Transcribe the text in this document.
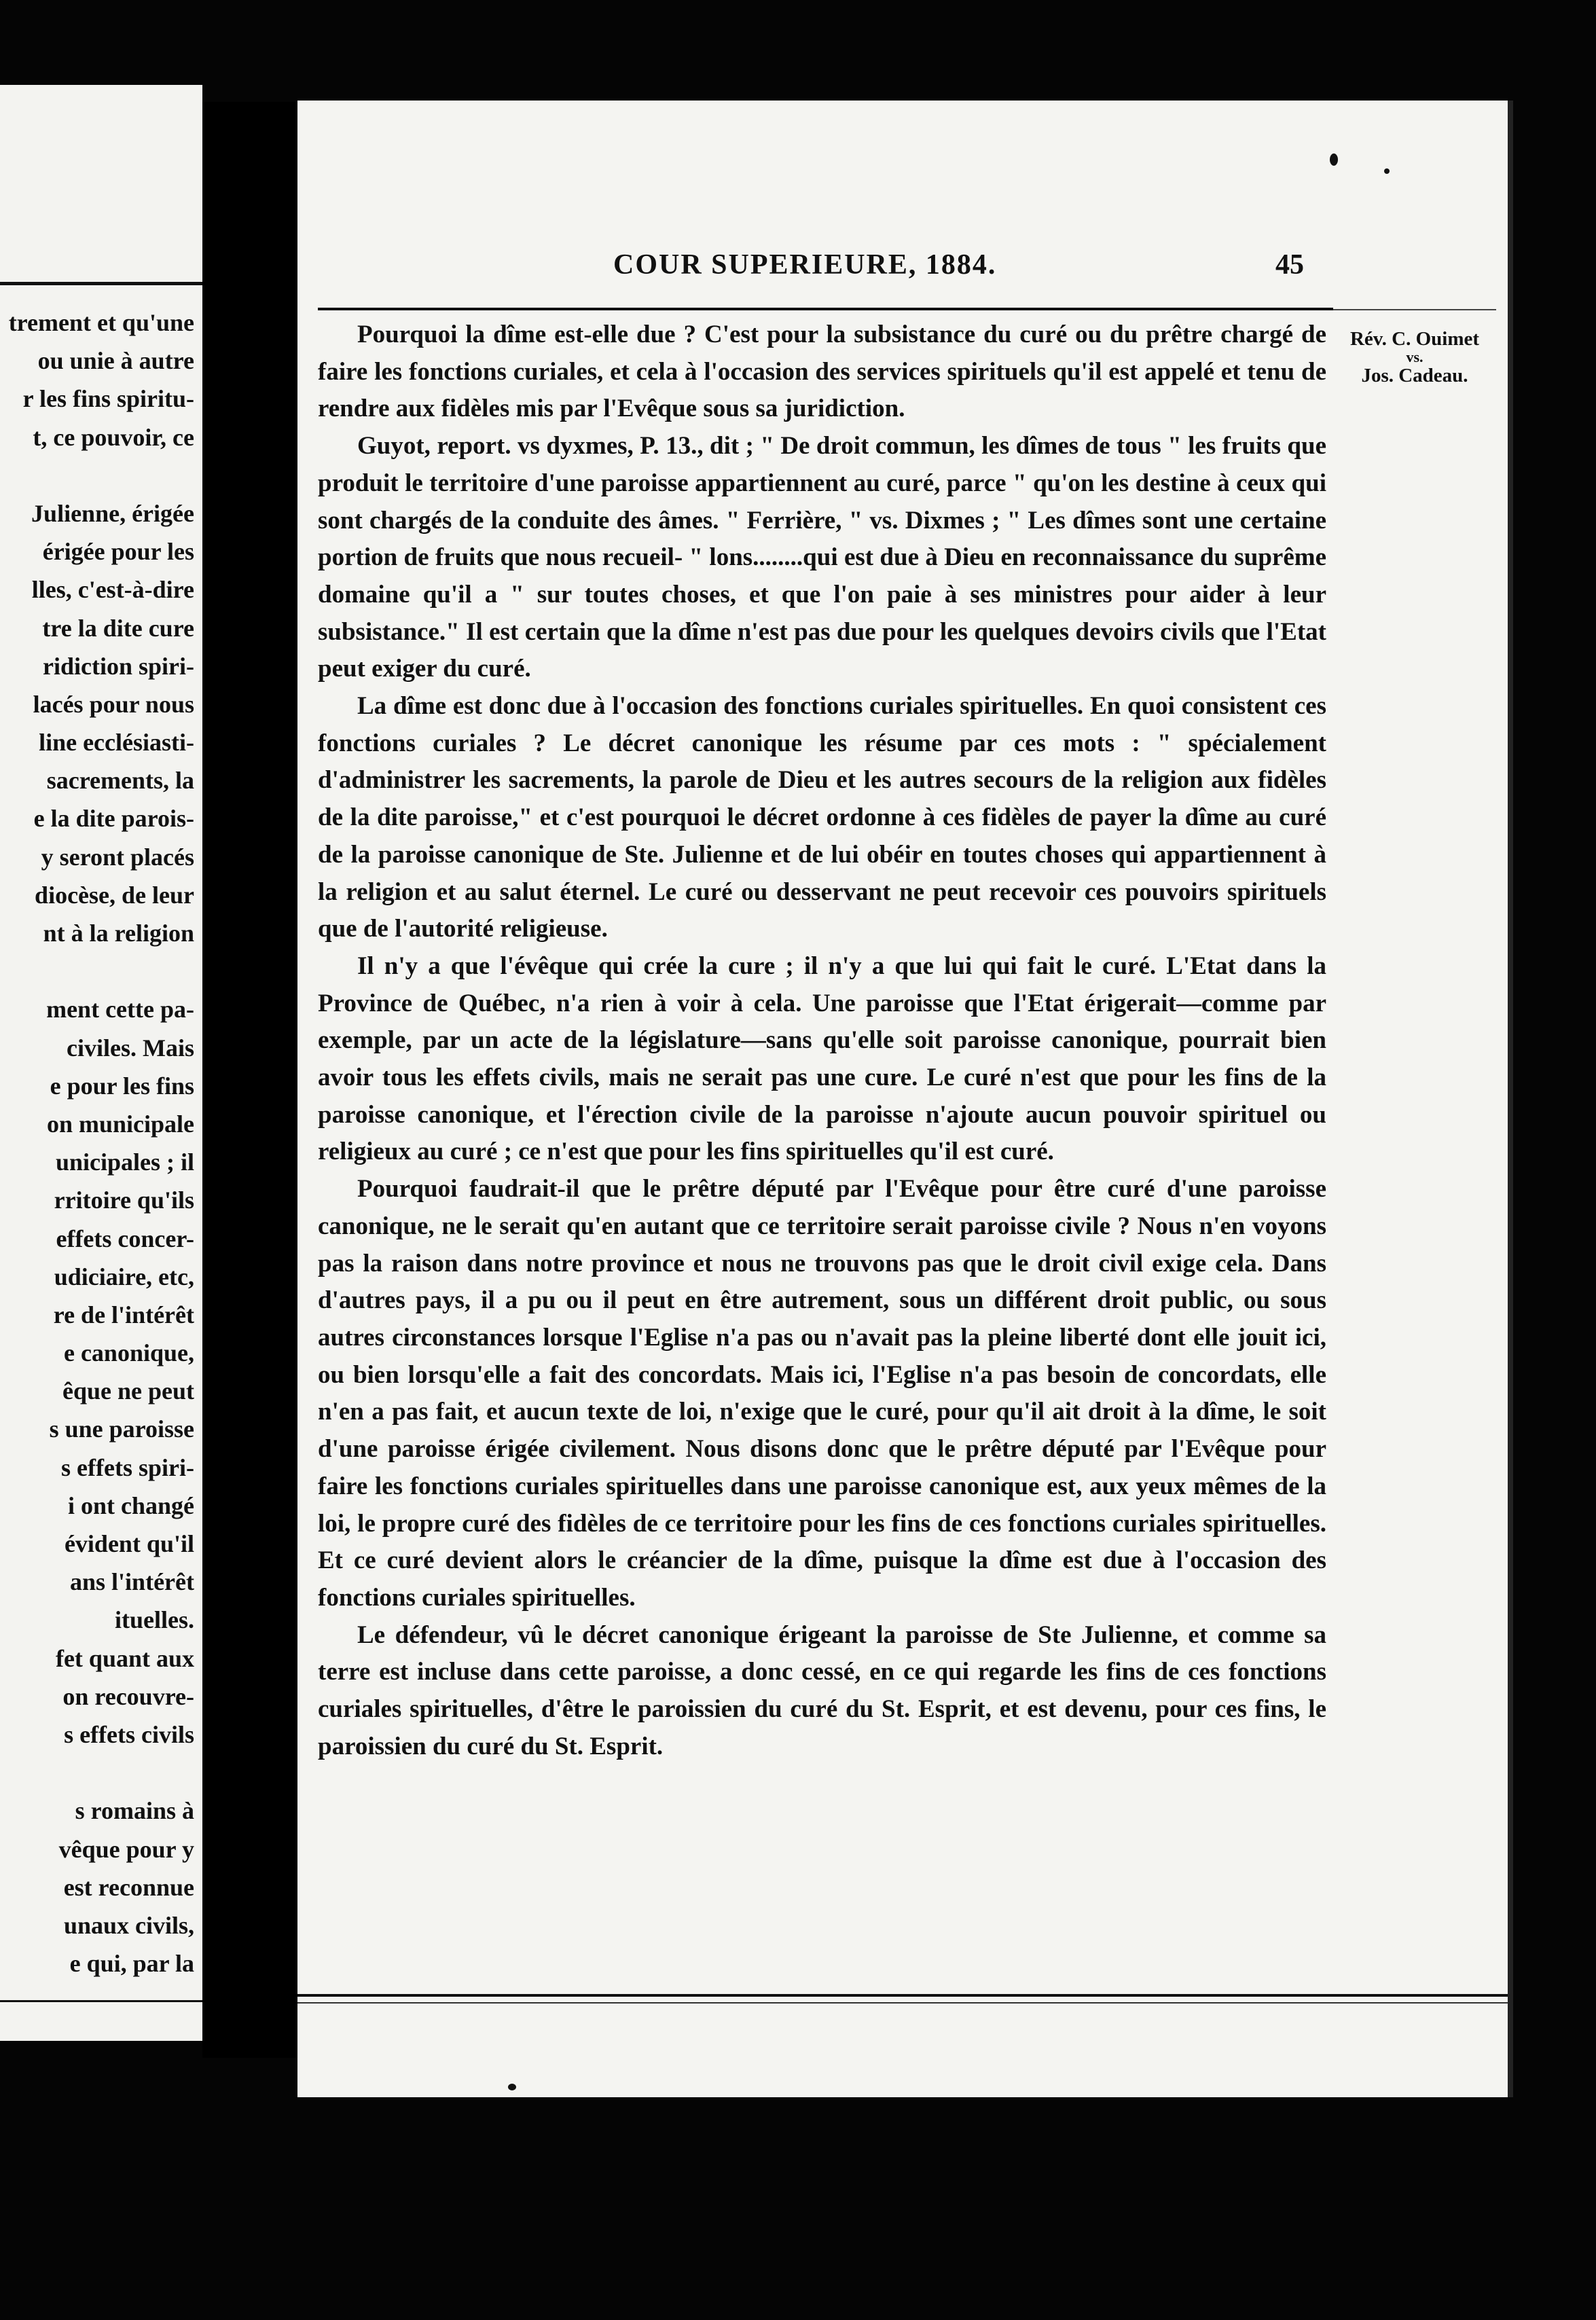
trement et qu'une
ou unie à autre
r les fins spiritu-
t, ce pouvoir, ce
Julienne, érigée
érigée pour les
lles, c'est-à-dire
tre la dite cure
ridiction spiri-
lacés pour nous
line ecclésiasti-
sacrements, la
e la dite parois-
y seront placés
diocèse, de leur
nt à la religion
ment cette pa-
civiles. Mais
e pour les fins
on municipale
unicipales ; il
rritoire qu'ils
effets concer-
udiciaire, etc,
re de l'intérêt
e canonique,
êque ne peut
s une paroisse
s effets spiri-
i ont changé
évident qu'il
ans l'intérêt
ituelles.
fet quant aux
on recouvre-
s effets civils
s romains à
vêque pour y
est reconnue
unaux civils,
e qui, par la
COUR SUPERIEURE, 1884.	45
Rév. C. Ouimet
vs.
Jos. Cadeau.

Pourquoi la dîme est-elle due ? C'est pour la subsistance du curé ou du prêtre chargé de faire les fonctions curiales, et cela à l'occasion des services spirituels qu'il est appelé et tenu de rendre aux fidèles mis par l'Evêque sous sa juridiction.

Guyot, report. vs dyxmes, P. 13., dit ; " De droit commun, les dîmes de tous " les fruits que produit le territoire d'une paroisse appartiennent au curé, parce " qu'on les destine à ceux qui sont chargés de la conduite des âmes. " Ferrière, " vs. Dixmes ; " Les dîmes sont une certaine portion de fruits que nous recueil- " lons........qui est due à Dieu en reconnaissance du suprême domaine qu'il a " sur toutes choses, et que l'on paie à ses ministres pour aider à leur subsistance." Il est certain que la dîme n'est pas due pour les quelques devoirs civils que l'Etat peut exiger du curé.

La dîme est donc due à l'occasion des fonctions curiales spirituelles. En quoi consistent ces fonctions curiales ? Le décret canonique les résume par ces mots : " spécialement d'administrer les sacrements, la parole de Dieu et les autres secours de la religion aux fidèles de la dite paroisse," et c'est pourquoi le décret ordonne à ces fidèles de payer la dîme au curé de la paroisse canonique de Ste. Julienne et de lui obéir en toutes choses qui appartiennent à la religion et au salut éternel. Le curé ou desservant ne peut recevoir ces pouvoirs spirituels que de l'autorité religieuse.

Il n'y a que l'évêque qui crée la cure ; il n'y a que lui qui fait le curé. L'Etat dans la Province de Québec, n'a rien à voir à cela. Une paroisse que l'Etat érigerait—comme par exemple, par un acte de la législature—sans qu'elle soit paroisse canonique, pourrait bien avoir tous les effets civils, mais ne serait pas une cure. Le curé n'est que pour les fins de la paroisse canonique, et l'érection civile de la paroisse n'ajoute aucun pouvoir spirituel ou religieux au curé ; ce n'est que pour les fins spirituelles qu'il est curé.

Pourquoi faudrait-il que le prêtre député par l'Evêque pour être curé d'une paroisse canonique, ne le serait qu'en autant que ce territoire serait paroisse civile ? Nous n'en voyons pas la raison dans notre province et nous ne trouvons pas que le droit civil exige cela. Dans d'autres pays, il a pu ou il peut en être autrement, sous un différent droit public, ou sous autres circonstances lorsque l'Eglise n'a pas ou n'avait pas la pleine liberté dont elle jouit ici, ou bien lorsqu'elle a fait des concordats. Mais ici, l'Eglise n'a pas besoin de concordats, elle n'en a pas fait, et aucun texte de loi, n'exige que le curé, pour qu'il ait droit à la dîme, le soit d'une paroisse érigée civilement. Nous disons donc que le prêtre député par l'Evêque pour faire les fonctions curiales spirituelles dans une paroisse canonique est, aux yeux mêmes de la loi, le propre curé des fidèles de ce territoire pour les fins de ces fonctions curiales spirituelles. Et ce curé devient alors le créancier de la dîme, puisque la dîme est due à l'occasion des fonctions curiales spirituelles.

Le défendeur, vû le décret canonique érigeant la paroisse de Ste Julienne, et comme sa terre est incluse dans cette paroisse, a donc cessé, en ce qui regarde les fins de ces fonctions curiales spirituelles, d'être le paroissien du curé du St. Esprit, et est devenu, pour ces fins, le paroissien du curé du St. Esprit.
